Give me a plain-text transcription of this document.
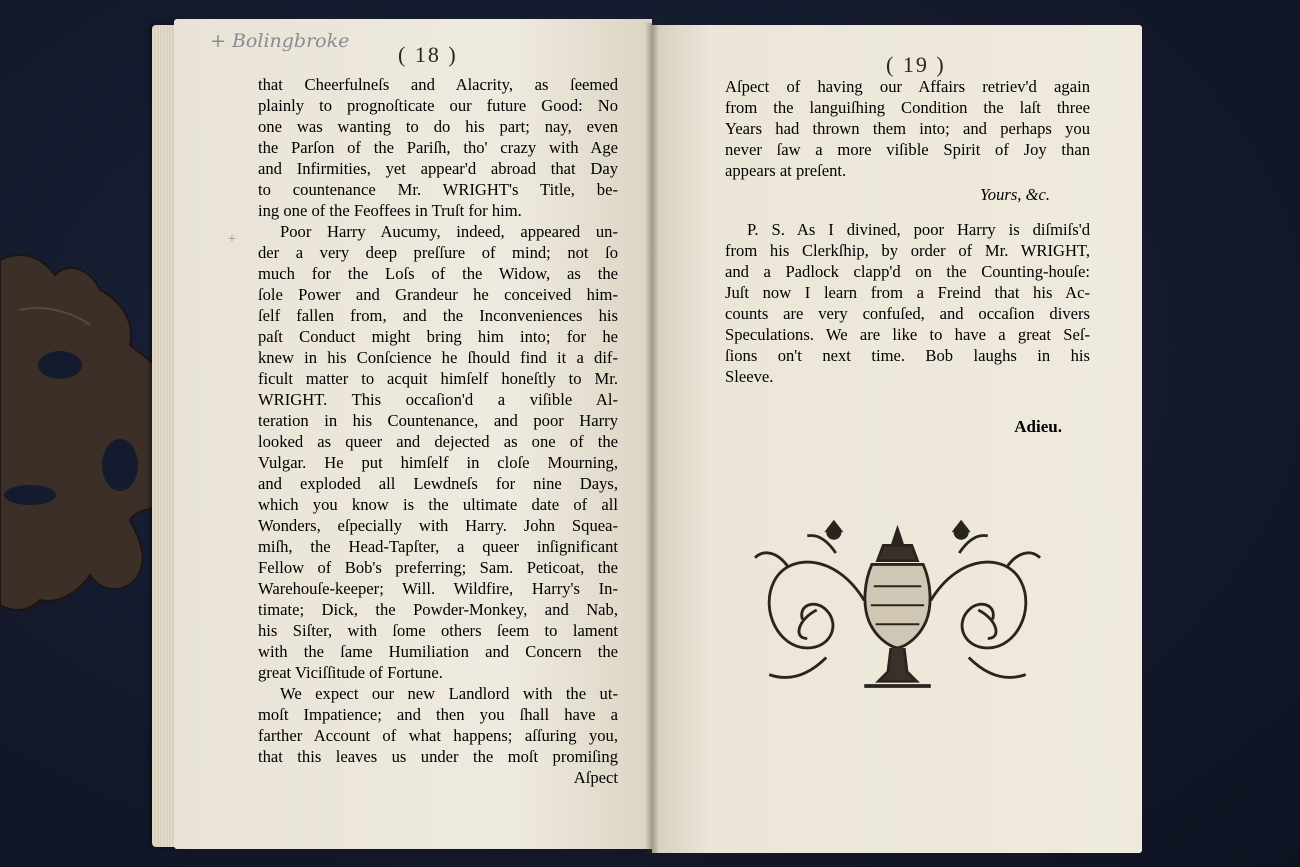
+ Bolingbroke
( 18 )
+
that Cheerfulneſs and Alacrity, as ſeemed
plainly to prognoſticate our future Good: No
one was wanting to do his part; nay, even
the Parſon of the Pariſh, tho' crazy with Age
and Infirmities, yet appear'd abroad that Day
to countenance Mr. WRIGHT's Title, be-
ing one of the Feoffees in Truſt for him.
Poor Harry Aucumy, indeed, appeared un-
der a very deep preſſure of mind; not ſo
much for the Loſs of the Widow, as the
ſole Power and Grandeur he conceived him-
ſelf fallen from, and the Inconveniences his
paſt Conduct might bring him into; for he
knew in his Conſcience he ſhould find it a dif-
ficult matter to acquit himſelf honeſtly to Mr.
WRIGHT. This occaſion'd a viſible Al-
teration in his Countenance, and poor Harry
looked as queer and dejected as one of the
Vulgar. He put himſelf in cloſe Mourning,
and exploded all Lewdneſs for nine Days,
which you know is the ultimate date of all
Wonders, eſpecially with Harry. John Squea-
miſh, the Head-Tapſter, a queer inſignificant
Fellow of Bob's preferring; Sam. Peticoat, the
Warehouſe-keeper; Will. Wildfire, Harry's In-
timate; Dick, the Powder-Monkey, and Nab,
his Siſter, with ſome others ſeem to lament
with the ſame Humiliation and Concern the
great Viciſſitude of Fortune.
We expect our new Landlord with the ut-
moſt Impatience; and then you ſhall have a
farther Account of what happens; aſſuring you,
that this leaves us under the moſt promiſing
Aſpect
( 19 )
Aſpect of having our Affairs retriev'd again
from the languiſhing Condition the laſt three
Years had thrown them into; and perhaps you
never ſaw a more viſible Spirit of Joy than
appears at preſent.
Yours, &c.
P. S. As I divined, poor Harry is diſmiſs'd
from his Clerkſhip, by order of Mr. WRIGHT,
and a Padlock clapp'd on the Counting-houſe:
Juſt now I learn from a Freind that his Ac-
counts are very confuſed, and occaſion divers
Speculations. We are like to have a great Seſ-
ſions on't next time. Bob laughs in his
Sleeve.
Adieu.
